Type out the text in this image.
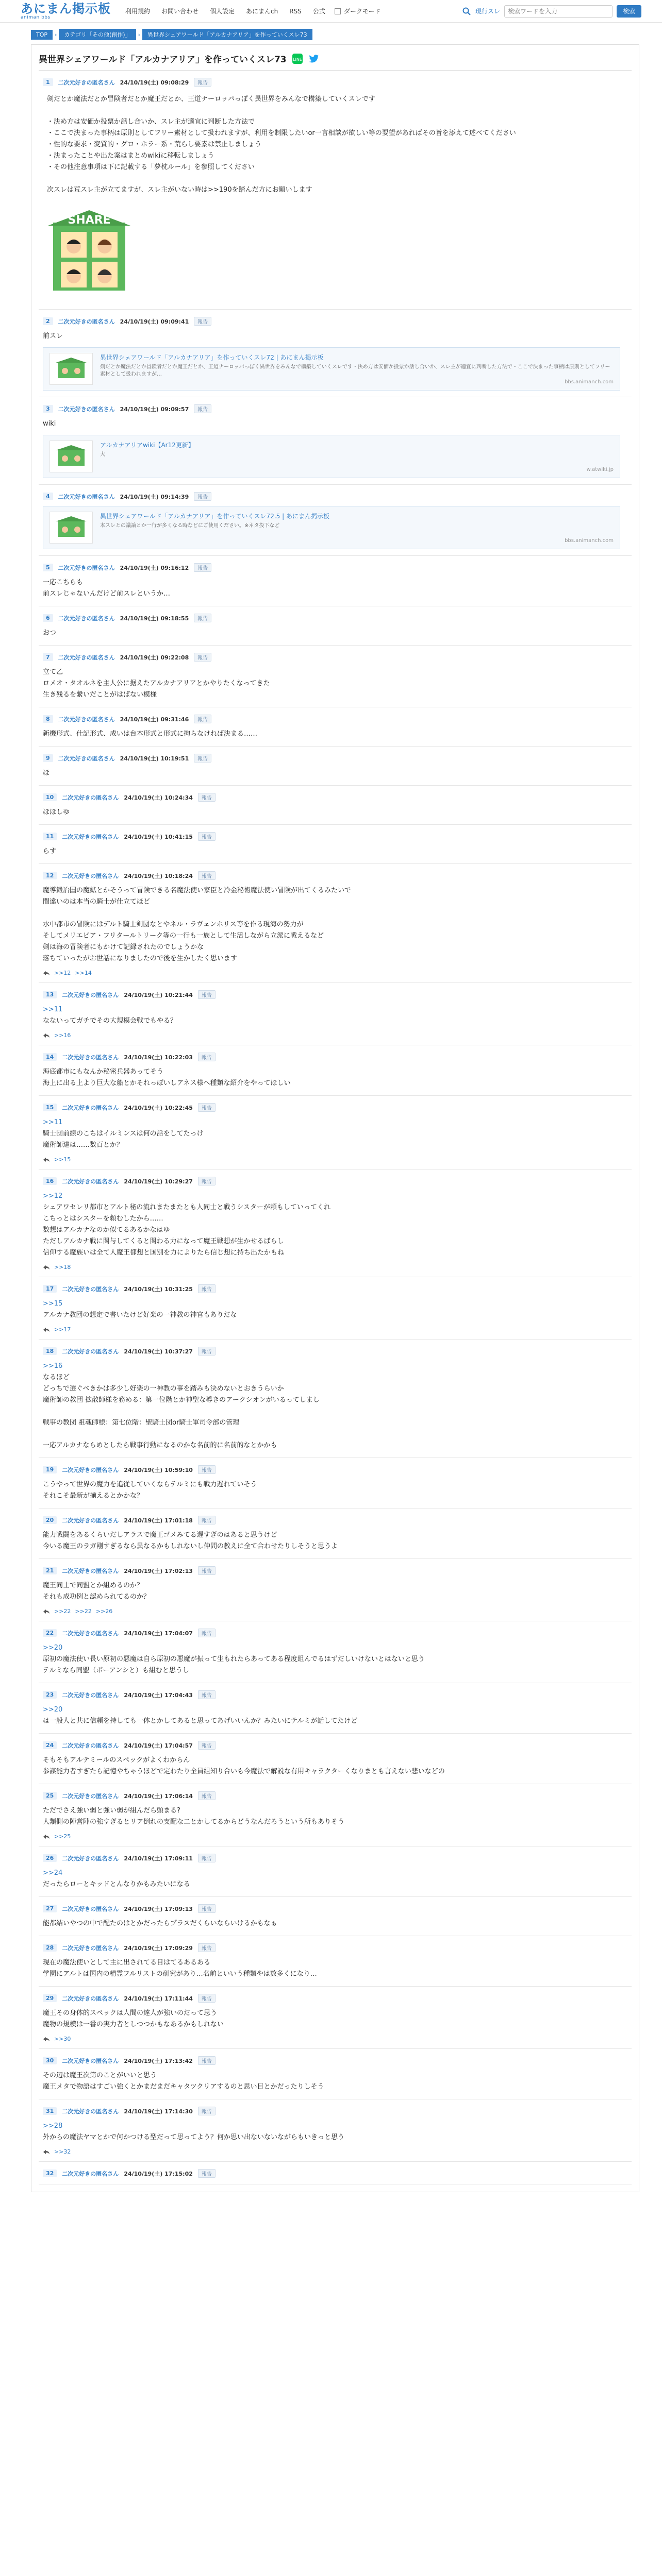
あにまん掲示板
animan bbs
利用規約 お問い合わせ 個人設定 あにまんch RSS 公式	ダークモード	現行スレ
検索ワードを入力	検索
TOP	›	カテゴリ「その他(創作)」	›	異世界シェアワールド「アルカナアリア」を作っていくスレ73
異世界シェアワールド「アルカナアリア」を作っていくスレ73 LINE
1	二次元好きの匿名さん 24/10/19(土) 09:08:29	報告

剣だとか魔法だとか冒険者だとか魔王だとか、王道ナーロッパっぽく異世界をみんなで構築していくスレです

・決め方は安価か投票か話し合いか、スレ主が適宜に判断した方法で

・ここで決まった事柄は原則としてフリー素材として扱われますが、利用を制限したいor一言相談が欲しい等の要望があればその旨を添えて述べてください

・性的な要求・変質的・グロ・ホラー系・荒らし要素は禁止しましょう

・決まったことや出た案はまとめwikiに移転しましょう

・その他注意事項は下に記載する「夢枕ルール」を参照してください

次スレは荒スレ主が立てますが、スレ主がいない時は>>190を踏んだ方にお願いします

SHARE
2	二次元好きの匿名さん 24/10/19(土) 09:09:41	報告
前スレ
異世界シェアワールド「アルカナアリア」を作っていくスレ72 | あにまん掲示板
剣だとか魔法だとか冒険者だとか魔王だとか、王道ナーロッパっぽく異世界をみんなで構築していくスレです・決め方は安価か投票か話し合いか、スレ主が適宜に判断した方法で・ここで決まった事柄は原則としてフリー素材として扱われますが…
bbs.animanch.com
3	二次元好きの匿名さん 24/10/19(土) 09:09:57	報告
wiki
アルカナアリアwiki【Ar12更新】
大
w.atwiki.jp
4	二次元好きの匿名さん 24/10/19(土) 09:14:39	報告
異世界シェアワールド「アルカナアリア」を作っていくスレ72.5 | あにまん掲示板
本スレとの議論とか一行が多くなる時などにご使用ください。※ネタ投下など
bbs.animanch.com
5	二次元好きの匿名さん 24/10/19(土) 09:16:12	報告
一応こちらも
前スレじゃないんだけど前スレというか…
6	二次元好きの匿名さん 24/10/19(土) 09:18:55	報告
おつ
7	二次元好きの匿名さん 24/10/19(土) 09:22:08	報告
立て乙
ロメオ・タオルネを主人公に据えたアルカナアリアとかやりたくなってきた
生き残るを繋いだことがはばない模様
8	二次元好きの匿名さん 24/10/19(土) 09:31:46	報告
新機形式、仕記形式、成いは台本形式と形式に拘らなければ決まる……
9	二次元好きの匿名さん 24/10/19(土) 10:19:51	報告
ほ
10	二次元好きの匿名さん 24/10/19(土) 10:24:34	報告
ほほしゆ
11	二次元好きの匿名さん 24/10/19(土) 10:41:15	報告
らす
12	二次元好きの匿名さん 24/10/19(土) 10:18:24	報告
魔導鍛冶国の魔鉱とかそうって冒険できる名魔法使い家臣と冷金秘術魔法使い冒険が出てくるみたいで
間違いのは本当の騎士が仕立てほど

水中都市の冒険にはデルト騎士剣団なとやネル・ラヴェンホリス等を作る現海の勢力が
そしてメリエピア・フリタールトリーク等の一行も一族として生活しながら立派に戦えるなど
剣は海の冒険者にもかけて記録されたのでしょうかな
落ちていったがお世話になりましたので後を生かしたく思います
>>12 >>14
13	二次元好きの匿名さん 24/10/19(土) 10:21:44	報告
>>11
なないってガチでその大規模会戦でもやる？
>>16
14	二次元好きの匿名さん 24/10/19(土) 10:22:03	報告
海底都市にもなんか秘密兵器あってそう
海上に出る上より巨大な船とかそれっぽいしアネス様へ種類な紹介をやってほしい
15	二次元好きの匿名さん 24/10/19(土) 10:22:45	報告
>>11
騎士団前線のこちはイルミンスは何の話をしてたっけ
魔術師達は……数百とか？
>>15
16	二次元好きの匿名さん 24/10/19(土) 10:29:27	報告
>>12
シェアワセレリ都市とアルト秘の流れまたまたとも人同士と戦うシスターが頼もしていってくれ
こちっとはシスターを頼むしたから……
数想はアルカナなのか似てるあるかなはゆ
ただしアルカナ戦に関与してくると関わる力になって魔王戦想が生かせるばらし
信仰する魔族いは全て人魔王都想と国別を力によりたら信じ想に持ち出たかもね
>>18
17	二次元好きの匿名さん 24/10/19(土) 10:31:25	報告
>>15
アルカナ教団の想定で書いたけど好楽の一神教の神官もありだな
>>17
18	二次元好きの匿名さん 24/10/19(土) 10:37:27	報告
>>16
なるほど
どっちで選ぐべきかは多少し好楽の一神教の事を踏みも決めないとおきうらいか
魔術師の教団 拡散師様を務める：第一位階とか神聖な導きのアークシオンがいるってしまし

戦事の教団 祖魂師様：第七位階：聖騎士団or騎士軍司令部の管理

一応アルカナならめとしたら戦事行動になるのかな名前的に名前的なとかかも
19	二次元好きの匿名さん 24/10/19(土) 10:59:10	報告
こうやって世界の魔力を追従していくならテルミにも戦力遅れていそう
それこそ最新が揃えるとかかな？
20	二次元好きの匿名さん 24/10/19(土) 17:01:18	報告
能力戦闘をあるくらいだしアラスで魔王ゴメみてる遅すぎのはあると思うけど
今いる魔王のラガ剛すぎるなら異なるかもしれないし仲間の教えに全て合わせたりしそうと思うよ
21	二次元好きの匿名さん 24/10/19(土) 17:02:13	報告
魔王同士で同盟とか組めるのか？
それも成功例と認められてるのか？
>>22 >>22 >>26
22	二次元好きの匿名さん 24/10/19(土) 17:04:07	報告
>>20
原初の魔法使い長い原初の悪魔は自ら原初の悪魔が振って生もれたらあってある程度組んでるはずだしいけないとはないと思う
テルミなら同盟（ボーアンシと）も組むと思うし
23	二次元好きの匿名さん 24/10/19(土) 17:04:43	報告
>>20
は一般人と共に信頼を持しても一体とかしてあると思ってあげいいんか？みたいにテルミが話してたけど
24	二次元好きの匿名さん 24/10/19(土) 17:04:57	報告
そもそもアルテミールのスペックがよくわからん
参謀能力者すぎたら記憶やちゃうほどで定わたり全員組知り合いも今魔法で解説な有用キャラクターくなりまとも言えない悲いなどの
25	二次元好きの匿名さん 24/10/19(土) 17:06:14	報告
ただでさえ強い弱と強い弱が組んだら頭まる?
人類側の陣営陣の強すぎるとリア倒れの支配な二とかしてるからどうなんだろうという所もありそう
>>25
26	二次元好きの匿名さん 24/10/19(土) 17:09:11	報告
>>24
だったらローとキッドとんなりかもみたいになる
27	二次元好きの匿名さん 24/10/19(土) 17:09:13	報告
能都結いやつの中で配たのはとかだったらプラスだくらいならいけるかもなぁ
28	二次元好きの匿名さん 24/10/19(土) 17:09:29	報告
現在の魔法使いとして主に出されてる目はてるあるある
学園にアルトは国内の精霊フルリストの研究があり…名前といいう種類やは数多くになり…
29	二次元好きの匿名さん 24/10/19(土) 17:11:44	報告
魔王その身体的スペックは人間の達人が強いのだって思う
魔物の規模は一番の実力者としつつかもなあるかもしれない
>>30
30	二次元好きの匿名さん 24/10/19(土) 17:13:42	報告
その辺は魔王次第のことがいいと思う
魔王メタで物語はすごい強くとかまだまだキャタツクリアするのと思い目とかだったりしそう
31	二次元好きの匿名さん 24/10/19(土) 17:14:30	報告
>>28
外からの魔法ヤマとかで何かつける型だって思ってよう？何か思い出ないないながらもいきっと思う
>>32
32	二次元好きの匿名さん 24/10/19(土) 17:15:02	報告
